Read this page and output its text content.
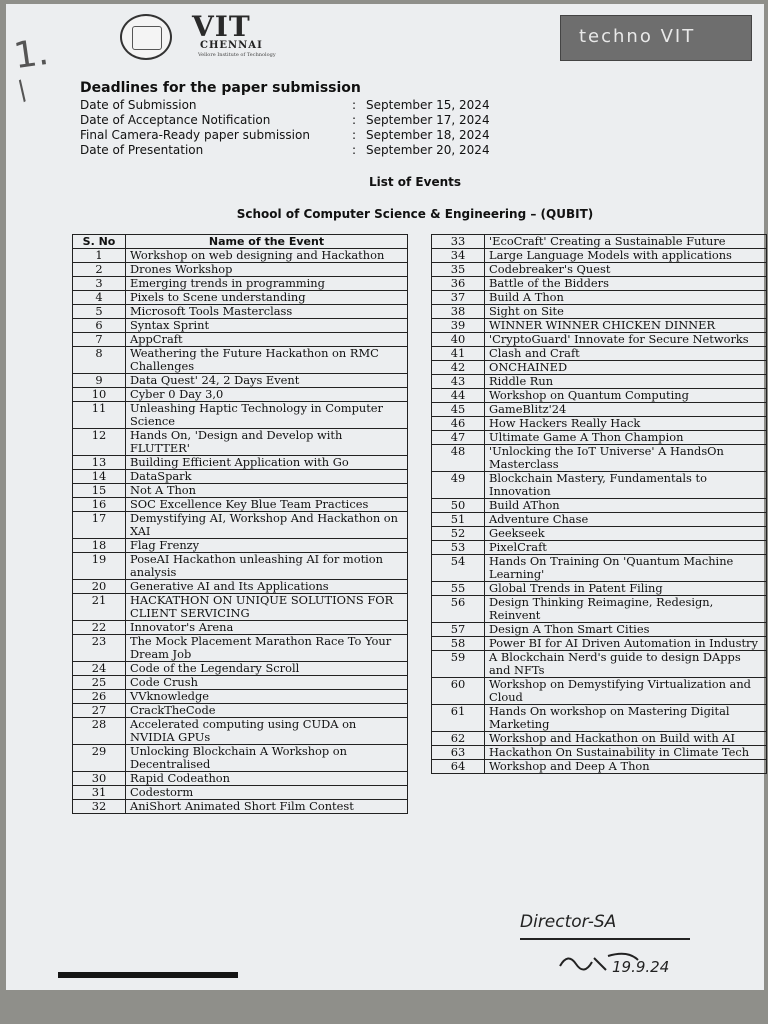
VIT
CHENNAI
Vellore Institute of Technology
techno VIT
1.
/	Deadlines for the paper submission
Date of Submission	: September 15, 2024
Date of Acceptance Notification	: September 17, 2024
Final Camera-Ready paper submission	: September 18, 2024
Date of Presentation	: September 20, 2024
List of Events
School of Computer Science & Engineering – (QUBIT)
S. No	Name of the Event
1	Workshop on web designing and Hackathon
2	Drones Workshop
3	Emerging trends in programming
4	Pixels to Scene understanding
5	Microsoft Tools Masterclass
6	Syntax Sprint
7	AppCraft
8	Weathering the Future Hackathon on RMC Challenges
9	Data Quest' 24, 2 Days Event
10	Cyber 0 Day 3,0
11	Unleashing Haptic Technology in Computer Science
12	Hands On, 'Design and Develop with FLUTTER'
13	Building Efficient Application with Go
14	DataSpark
15	Not A Thon
16	SOC Excellence Key Blue Team Practices
17	Demystifying AI, Workshop And Hackathon on XAI
18	Flag Frenzy
19	PoseAI Hackathon unleashing AI for motion analysis
20	Generative AI and Its Applications
21	HACKATHON ON UNIQUE SOLUTIONS FOR CLIENT SERVICING
22	Innovator's Arena
23	The Mock Placement Marathon Race To Your Dream Job
24	Code of the Legendary Scroll
25	Code Crush
26	VVknowledge
27	CrackTheCode
28	Accelerated computing using CUDA on NVIDIA GPUs
29	Unlocking Blockchain A Workshop on Decentralised
30	Rapid Codeathon
31	Codestorm
32	AniShort Animated Short Film Contest
33	'EcoCraft' Creating a Sustainable Future
34	Large Language Models with applications
35	Codebreaker's Quest
36	Battle of the Bidders
37	Build A Thon
38	Sight on Site
39	WINNER WINNER CHICKEN DINNER
40	'CryptoGuard' Innovate for Secure Networks
41	Clash and Craft
42	ONCHAINED
43	Riddle Run
44	Workshop on Quantum Computing
45	GameBlitz'24
46	How Hackers Really Hack
47	Ultimate Game A Thon Champion
48	'Unlocking the IoT Universe' A HandsOn Masterclass
49	Blockchain Mastery, Fundamentals to Innovation
50	Build AThon
51	Adventure Chase
52	Geekseek
53	PixelCraft
54	Hands On Training On 'Quantum Machine Learning'
55	Global Trends in Patent Filing
56	Design Thinking Reimagine, Redesign, Reinvent
57	Design A Thon Smart Cities
58	Power BI for AI Driven Automation in Industry
59	A Blockchain Nerd's guide to design DApps and NFTs
60	Workshop on Demystifying Virtualization and Cloud
61	Hands On workshop on Mastering Digital Marketing
62	Workshop and Hackathon on Build with AI
63	Hackathon On Sustainability in Climate Tech
64	Workshop and Deep A Thon
Director-SA
19.9.24
